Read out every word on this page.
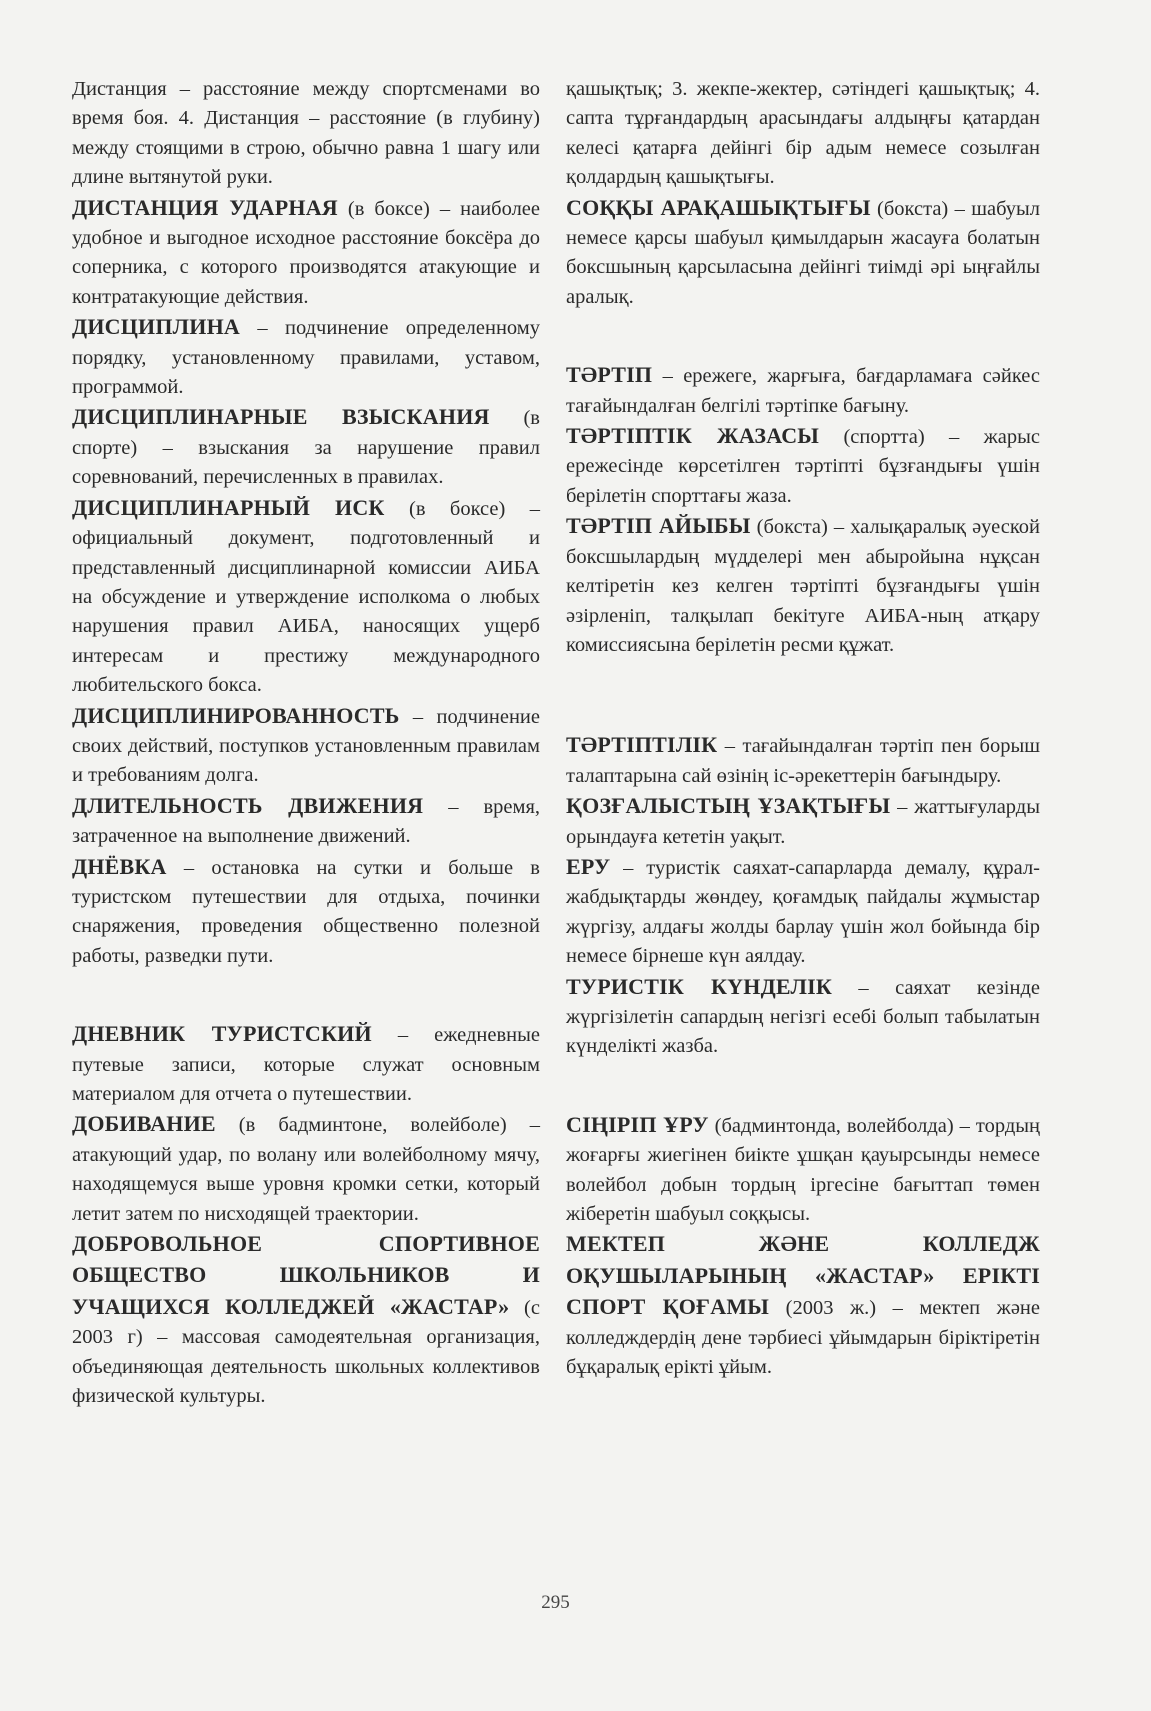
Дистанция – расстояние между спортсменами во время боя. 4. Дистанция – расстояние (в глубину) между стоящими в строю, обычно равна 1 шагу или длине вытянутой руки.

ДИСТАНЦИЯ УДАРНАЯ (в боксе) – наиболее удобное и выгодное исходное расстояние боксёра до соперника, с которого производятся атакующие и контратакующие действия.

ДИСЦИПЛИНА – подчинение определенному порядку, установленному правилами, уставом, программой.

ДИСЦИПЛИНАРНЫЕ ВЗЫСКАНИЯ (в спорте) – взыскания за нарушение правил соревнований, перечисленных в правилах.

ДИСЦИПЛИНАРНЫЙ ИСК (в боксе) – официальный документ, подготовленный и представленный дисциплинарной комиссии АИБА на обсуждение и утверждение исполкома о любых нарушения правил АИБА, наносящих ущерб интересам и престижу международного любительского бокса.

ДИСЦИПЛИНИРОВАННОСТЬ – подчинение своих действий, поступков установленным правилам и требованиям долга.

ДЛИТЕЛЬНОСТЬ ДВИЖЕНИЯ – время, затраченное на выполнение движений.

ДНЁВКА – остановка на сутки и больше в туристском путешествии для отдыха, починки снаряжения, проведения общественно полезной работы, разведки пути.

ДНЕВНИК ТУРИСТСКИЙ – ежедневные путевые записи, которые служат основным материалом для отчета о путешествии.

ДОБИВАНИЕ (в бадминтоне, волейболе) – атакующий удар, по волану или волейболному мячу, находящемуся выше уровня кромки сетки, который летит затем по нисходящей траектории.

ДОБРОВОЛЬНОЕ СПОРТИВНОЕ ОБЩЕСТВО ШКОЛЬНИКОВ И УЧАЩИХСЯ КОЛЛЕДЖЕЙ «ЖАСТАР» (с 2003 г) – массовая самодеятельная организация, объединяющая деятельность школьных коллективов физической культуры.

қашықтық; 3. жекпе-жектер, сәтіндегі қашықтық; 4. сапта тұрғандардың арасындағы алдыңғы қатардан келесі қатарға дейінгі бір адым немесе созылған қолдардың қашықтығы.

СОҚҚЫ АРАҚАШЫҚТЫҒЫ (бокста) – шабуыл немесе қарсы шабуыл қимылдарын жасауға болатын боксшының қарсыласына дейінгі тиімді әрі ыңғайлы аралық.

ТӘРТІП – ережеге, жарғыға, бағдарламаға сәйкес тағайындалған белгілі тәртіпке бағыну.

ТӘРТІПТІК ЖАЗАСЫ (спортта) – жарыс ережесінде көрсетілген тәртіпті бұзғандығы үшін берілетін спорттағы жаза.

ТӘРТІП АЙЫБЫ (бокста) – халықаралық әуеской боксшылардың мүдделері мен абыройына нұқсан келтіретін кез келген тәртіпті бұзғандығы үшін әзірленіп, талқылап бекітуге АИБА-ның атқару комиссиясына берілетін ресми құжат.

ТӘРТІПТІЛІК – тағайындалған тәртіп пен борыш талаптарына сай өзінің іс-әрекеттерін бағындыру.

ҚОЗҒАЛЫСТЫҢ ҰЗАҚТЫҒЫ – жаттығуларды орындауға кететін уақыт.

ЕРУ – туристік саяхат-сапарларда демалу, құрал-жабдықтарды жөндеу, қоғамдық пайдалы жұмыстар жүргізу, алдағы жолды барлау үшін жол бойында бір немесе бірнеше күн аялдау.

ТУРИСТІК КҮНДЕЛІК – саяхат кезінде жүргізілетін сапардың негізгі есебі болып табылатын күнделікті жазба.

СІҢІРІП ҰРУ (бадминтонда, волейболда) – тордың жоғарғы жиегінен биікте ұшқан қауырсынды немесе волейбол добын тордың іргесіне бағыттап төмен жіберетін шабуыл соққысы.

МЕКТЕП ЖӘНЕ КОЛЛЕДЖ ОҚУШЫЛАРЫНЫҢ «ЖАСТАР» ЕРІКТІ СПОРТ ҚОҒАМЫ (2003 ж.) – мектеп және колледждердің дене тәрбиесі ұйымдарын біріктіретін бұқаралық ерікті ұйым.

295
